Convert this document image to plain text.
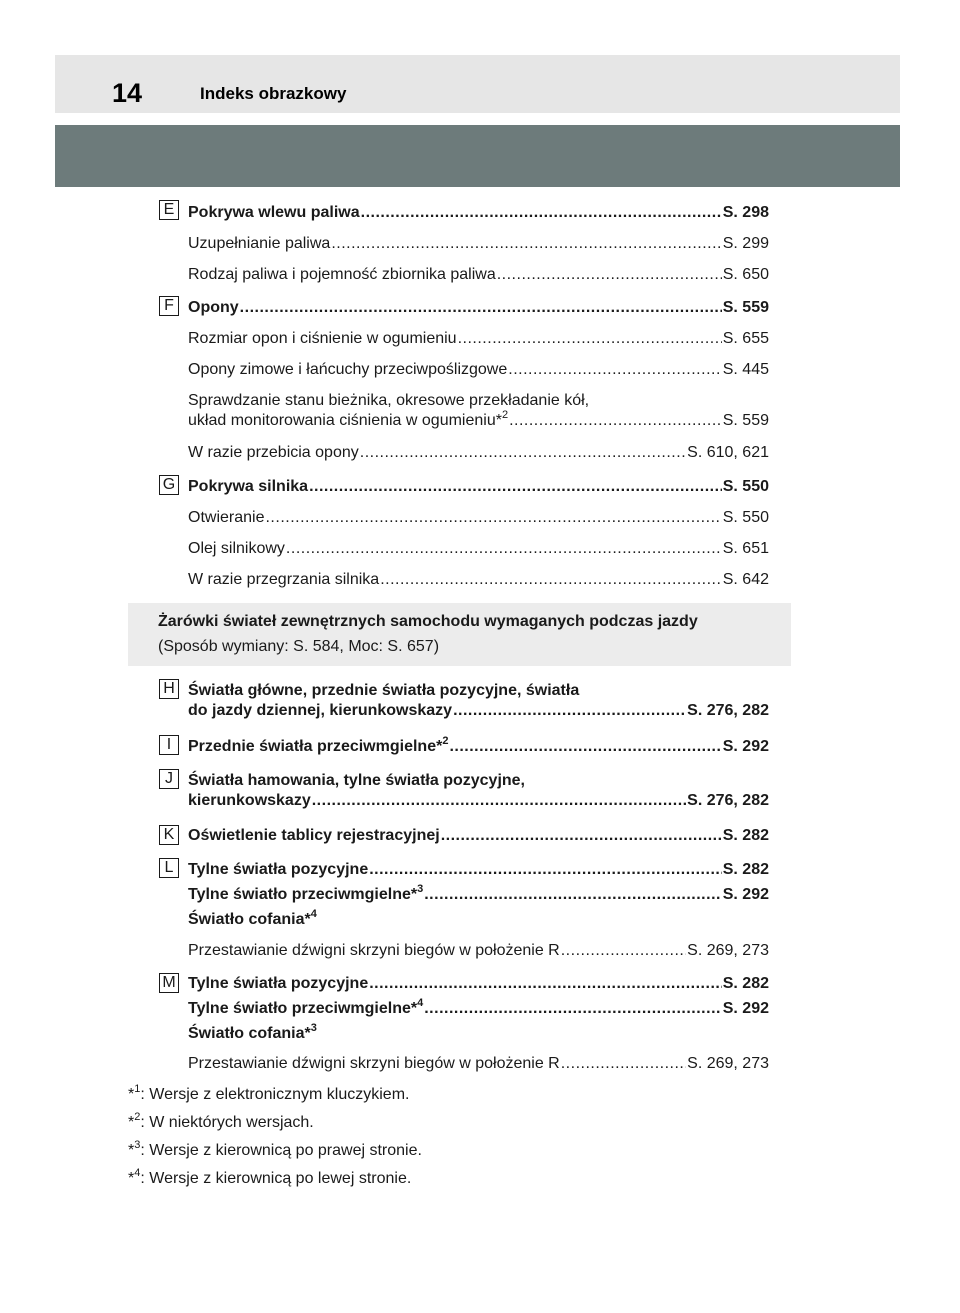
14	Indeks obrazkowy
E Pokrywa wlewu paliwa .....	S. 298
Uzupełnianie paliwa .....	S. 299
Rodzaj paliwa i pojemność zbiornika paliwa .....	S. 650
F Opony .....	S. 559
Rozmiar opon i ciśnienie w ogumieniu .....	S. 655
Opony zimowe i łańcuchy przeciwpoślizgowe .....	S. 445
Sprawdzanie stanu bieżnika, okresowe przekładanie kół,
układ monitorowania ciśnienia w ogumieniu*$^2$ .....	S. 559
W razie przebicia opony .....	S. 610, 621
G Pokrywa silnika .....	S. 550
Otwieranie .....	S. 550
Olej silnikowy .....	S. 651
W razie przegrzania silnika .....	S. 642
Żarówki świateł zewnętrznych samochodu wymaganych podczas jazdy
(Sposób wymiany: S. 584, Moc: S. 657)
H Światła główne, przednie światła pozycyjne, światła
do jazdy dziennej, kierunkowskazy .....	S. 276, 282
I	Przednie światła przeciwmgielne*$^2$ .....	S. 292
J Światła hamowania, tylne światła pozycyjne,
kierunkowskazy .....	S. 276, 282
K Oświetlenie tablicy rejestracyjnej .....	S. 282
L Tylne światła pozycyjne .....	S. 282
Tylne światło przeciwmgielne*$^3$ .....	S. 292
Światło cofania*$^4$
Przestawianie dźwigni skrzyni biegów w położenie R .....	S. 269, 273
M Tylne światła pozycyjne .....	S. 282
Tylne światło przeciwmgielne*$^4$ .....	S. 292
Światło cofania*$^3$
Przestawianie dźwigni skrzyni biegów w położenie R .....	S. 269, 273
*$^1$: Wersje z elektronicznym kluczykiem.
*$^2$: W niektórych wersjach.
*$^3$: Wersje z kierownicą po prawej stronie.
*$^4$: Wersje z kierownicą po lewej stronie.
